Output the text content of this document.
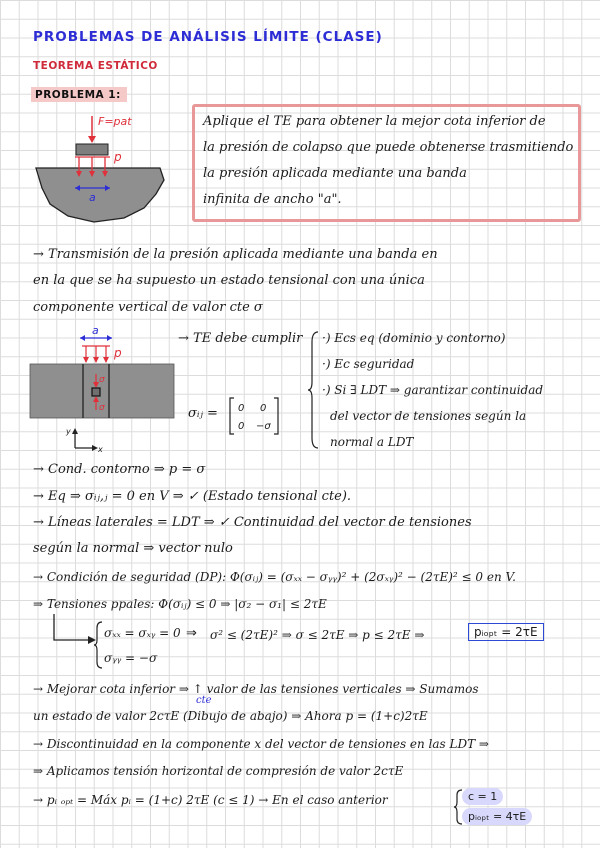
PROBLEMAS DE ANÁLISIS LÍMITE (CLASE)
TEOREMA ESTÁTICO
PROBLEMA 1:
F=pat
p
a
Aplique el TE para obtener la mejor cota inferior de
la presión de colapso que puede obtenerse trasmitiendo
la presión aplicada mediante una banda
infinita de ancho "a".
→ Transmisión de la presión aplicada mediante una banda en
en la que se ha supuesto un estado tensional con una única
componente vertical de valor cte σ
a
p
σ
σ
y
x
→ TE debe cumplir ·) Ecs eq (dominio y contorno)
·) Ec seguridad
·) Si ∃ LDT ⇒ garantizar continuidad
del vector de tensiones según la
normal a LDT
σᵢⱼ = 0 0
0 −σ
→ Cond. contorno ⇒ p = σ
→ Eq ⇒ σᵢⱼ,ⱼ = 0 en V ⇒ ✓ (Estado tensional cte).
→ Líneas laterales = LDT ⇒ ✓ Continuidad del vector de tensiones
según la normal ⇒ vector nulo
→ Condición de seguridad (DP): Φ(σᵢⱼ) = (σₓₓ − σᵧᵧ)² + (2σₓᵧ)² − (2τE)² ≤ 0 en V.
⇒ Tensiones ppales: Φ(σᵢⱼ) ≤ 0 ⇒ |σ₂ − σ₁| ≤ 2τE
σₓₓ = σₓᵧ = 0
σᵧᵧ = −σ
⇒ σ² ≤ (2τE)² ⇒ σ ≤ 2τE ⇒ p ≤ 2τE ⇒	pᵢₒₚₜ = 2τE
→ Mejorar cota inferior ⇒ ↑ valor de las tensiones verticales ⇒ Sumamos
cte
un estado de valor 2cτE (Dibujo de abajo) ⇒ Ahora p = (1+c)2τE
→ Discontinuidad en la componente x del vector de tensiones en las LDT ⇒
⇒ Aplicamos tensión horizontal de compresión de valor 2cτE
→ pᵢ ₒₚₜ = Máx pᵢ = (1+c) 2τE (c ≤ 1) → En el caso anterior	c = 1
pᵢₒₚₜ = 4τE
